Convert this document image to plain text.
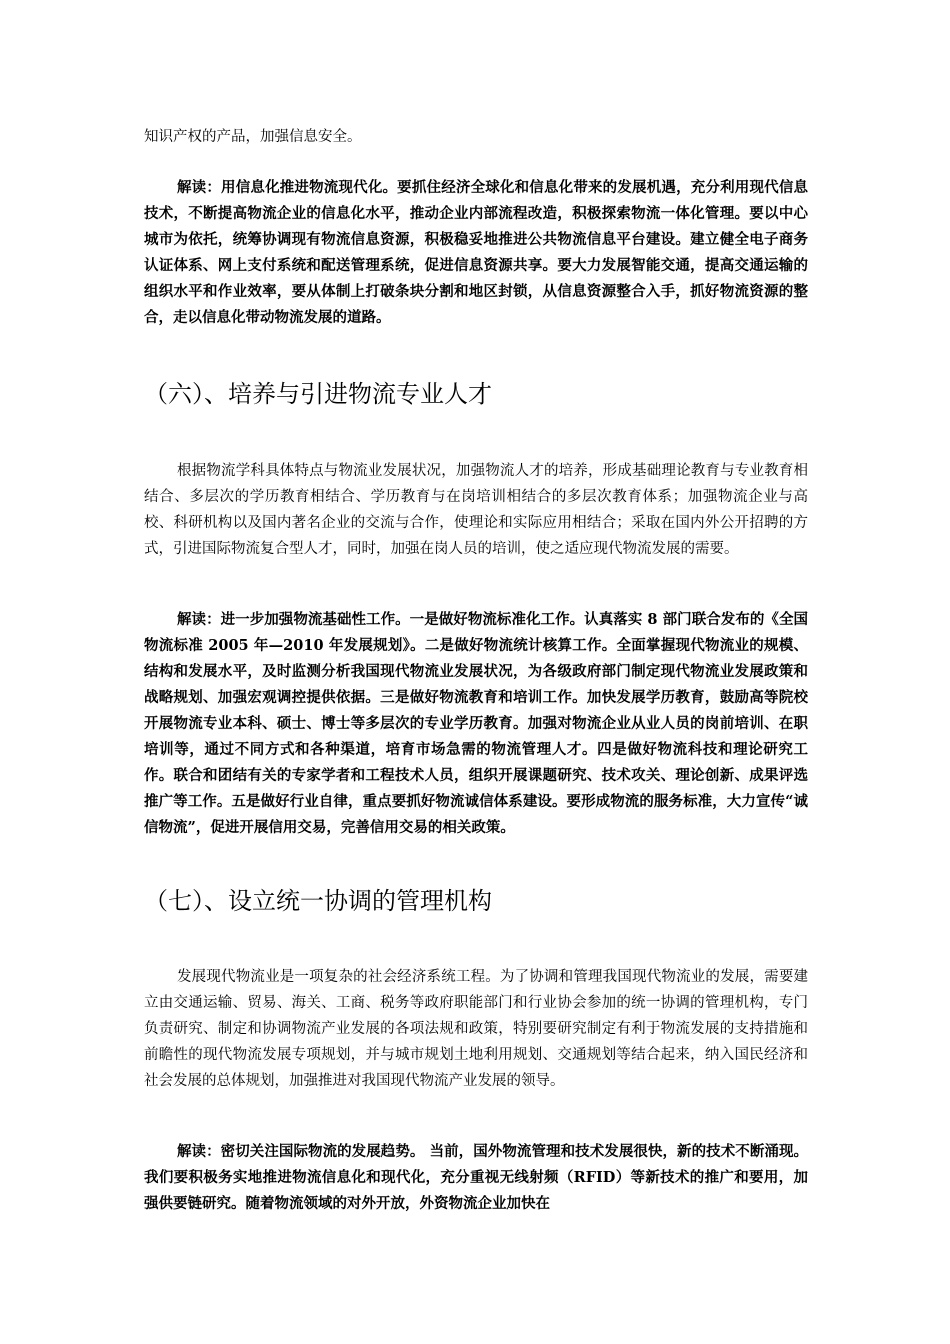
知识产权的产品，加强信息安全。

解读：用信息化推进物流现代化。要抓住经济全球化和信息化带来的发展机遇，充分利用现代信息技术，不断提高物流企业的信息化水平，推动企业内部流程改造，积极探索物流一体化管理。要以中心城市为依托，统筹协调现有物流信息资源，积极稳妥地推进公共物流信息平台建设。建立健全电子商务认证体系、网上支付系统和配送管理系统，促进信息资源共享。要大力发展智能交通，提高交通运输的组织水平和作业效率，要从体制上打破条块分割和地区封锁，从信息资源整合入手，抓好物流资源的整合，走以信息化带动物流发展的道路。

（六）、培养与引进物流专业人才

根据物流学科具体特点与物流业发展状况，加强物流人才的培养，形成基础理论教育与专业教育相结合、多层次的学历教育相结合、学历教育与在岗培训相结合的多层次教育体系；加强物流企业与高校、科研机构以及国内著名企业的交流与合作，使理论和实际应用相结合；采取在国内外公开招聘的方式，引进国际物流复合型人才，同时，加强在岗人员的培训，使之适应现代物流发展的需要。

解读：进一步加强物流基础性工作。一是做好物流标准化工作。认真落实 8 部门联合发布的《全国物流标准 2005 年—2010 年发展规划》。二是做好物流统计核算工作。全面掌握现代物流业的规模、结构和发展水平，及时监测分析我国现代物流业发展状况，为各级政府部门制定现代物流业发展政策和战略规划、加强宏观调控提供依据。三是做好物流教育和培训工作。加快发展学历教育，鼓励高等院校开展物流专业本科、硕士、博士等多层次的专业学历教育。加强对物流企业从业人员的岗前培训、在职培训等，通过不同方式和各种渠道，培育市场急需的物流管理人才。四是做好物流科技和理论研究工作。联合和团结有关的专家学者和工程技术人员，组织开展课题研究、技术攻关、理论创新、成果评选推广等工作。五是做好行业自律，重点要抓好物流诚信体系建设。要形成物流的服务标准，大力宣传“诚信物流”，促进开展信用交易，完善信用交易的相关政策。

（七）、设立统一协调的管理机构

发展现代物流业是一项复杂的社会经济系统工程。为了协调和管理我国现代物流业的发展，需要建立由交通运输、贸易、海关、工商、税务等政府职能部门和行业协会参加的统一协调的管理机构，专门负责研究、制定和协调物流产业发展的各项法规和政策，特别要研究制定有利于物流发展的支持措施和前瞻性的现代物流发展专项规划，并与城市规划土地利用规划、交通规划等结合起来，纳入国民经济和社会发展的总体规划，加强推进对我国现代物流产业发展的领导。

解读：密切关注国际物流的发展趋势。 当前，国外物流管理和技术发展很快，新的技术不断涌现。我们要积极务实地推进物流信息化和现代化，充分重视无线射频（RFID）等新技术的推广和要用，加强供要链研究。随着物流领域的对外开放，外资物流企业加快在
